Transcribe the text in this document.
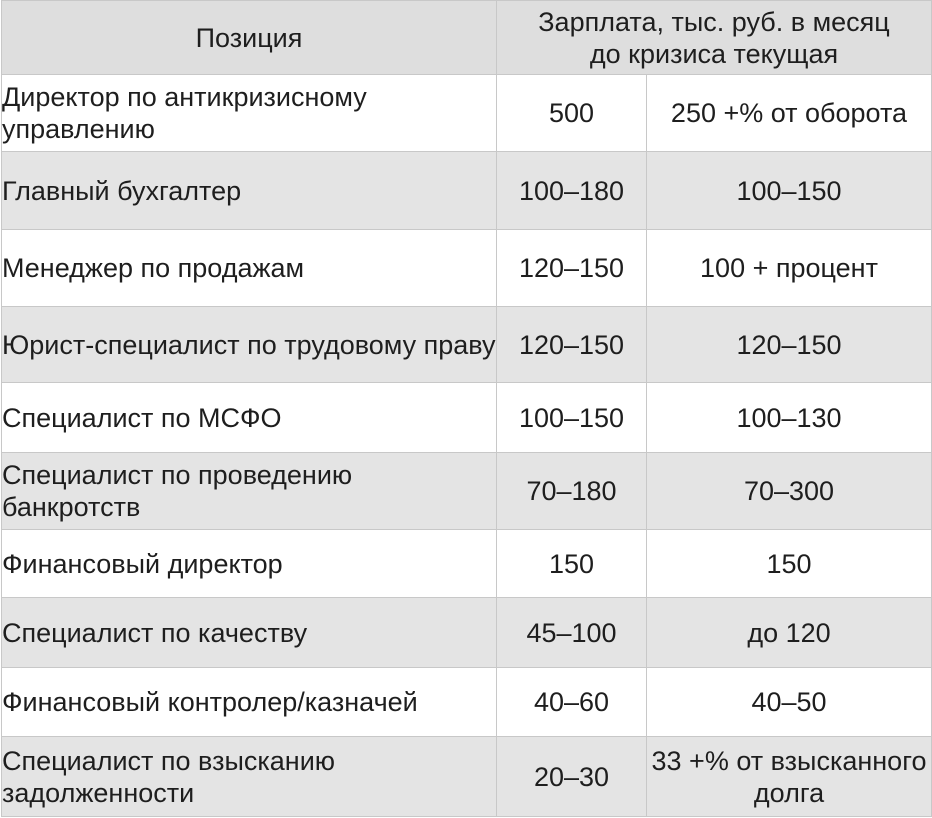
Позиция	Зарплата, тыс. руб. в месяц
до кризиса текущая	

Директор по антикризисному управлению	500	250 +% от оборота
Главный бухгалтер	100–180	100–150
Менеджер по продажам	120–150	100 + процент
Юрист-специалист по трудовому праву	120–150	120–150
Специалист по МСФО	100–150	100–130
Специалист по проведению банкротств	70–180	70–300
Финансовый директор	150	150
Специалист по качеству	45–100	до 120
Финансовый контролер/казначей	40–60	40–50
Специалист по взысканию задолженности	20–30	33 +% от взысканного долга
